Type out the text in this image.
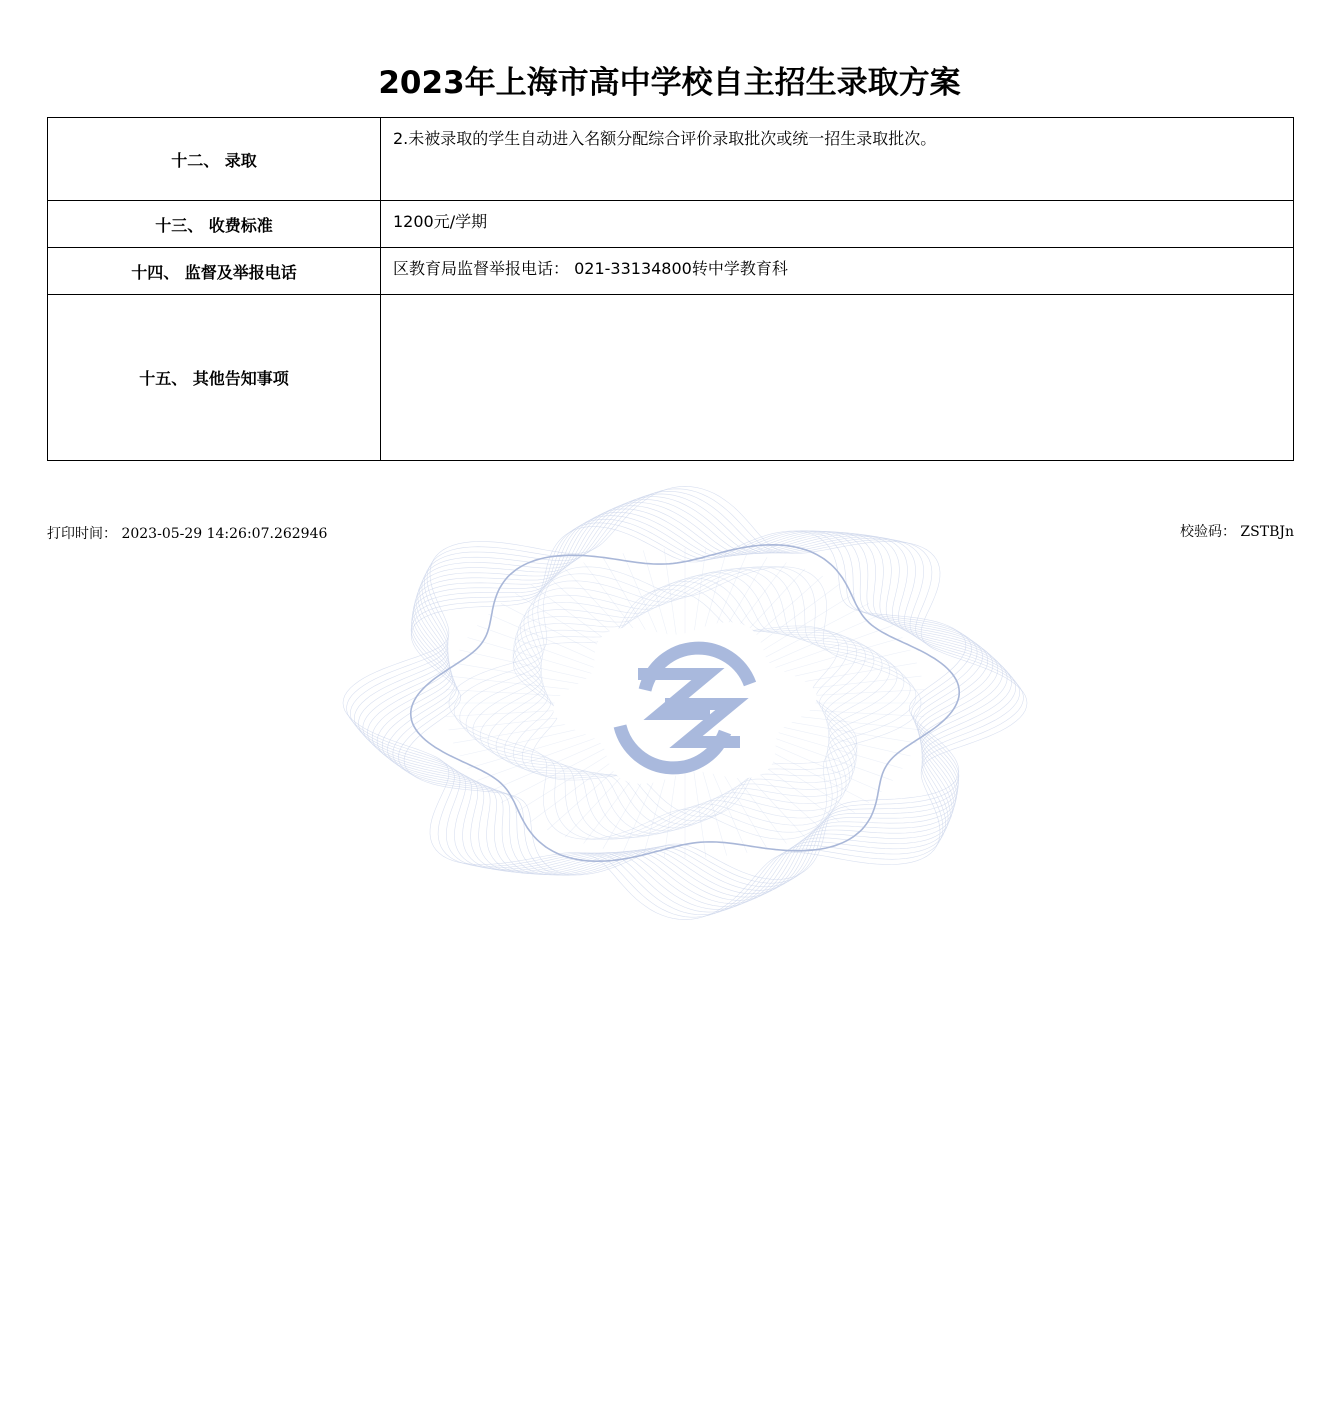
2023年上海市高中学校自主招生录取方案
十二、 录取	2.未被录取的学生自动进入名额分配综合评价录取批次或统一招生录取批次。
十三、 收费标准	1200元/学期
十四、 监督及举报电话	区教育局监督举报电话： 021-33134800转中学教育科
十五、 其他告知事项	
打印时间： 2023-05-29 14:26:07.262946	校验码： ZSTBJn
